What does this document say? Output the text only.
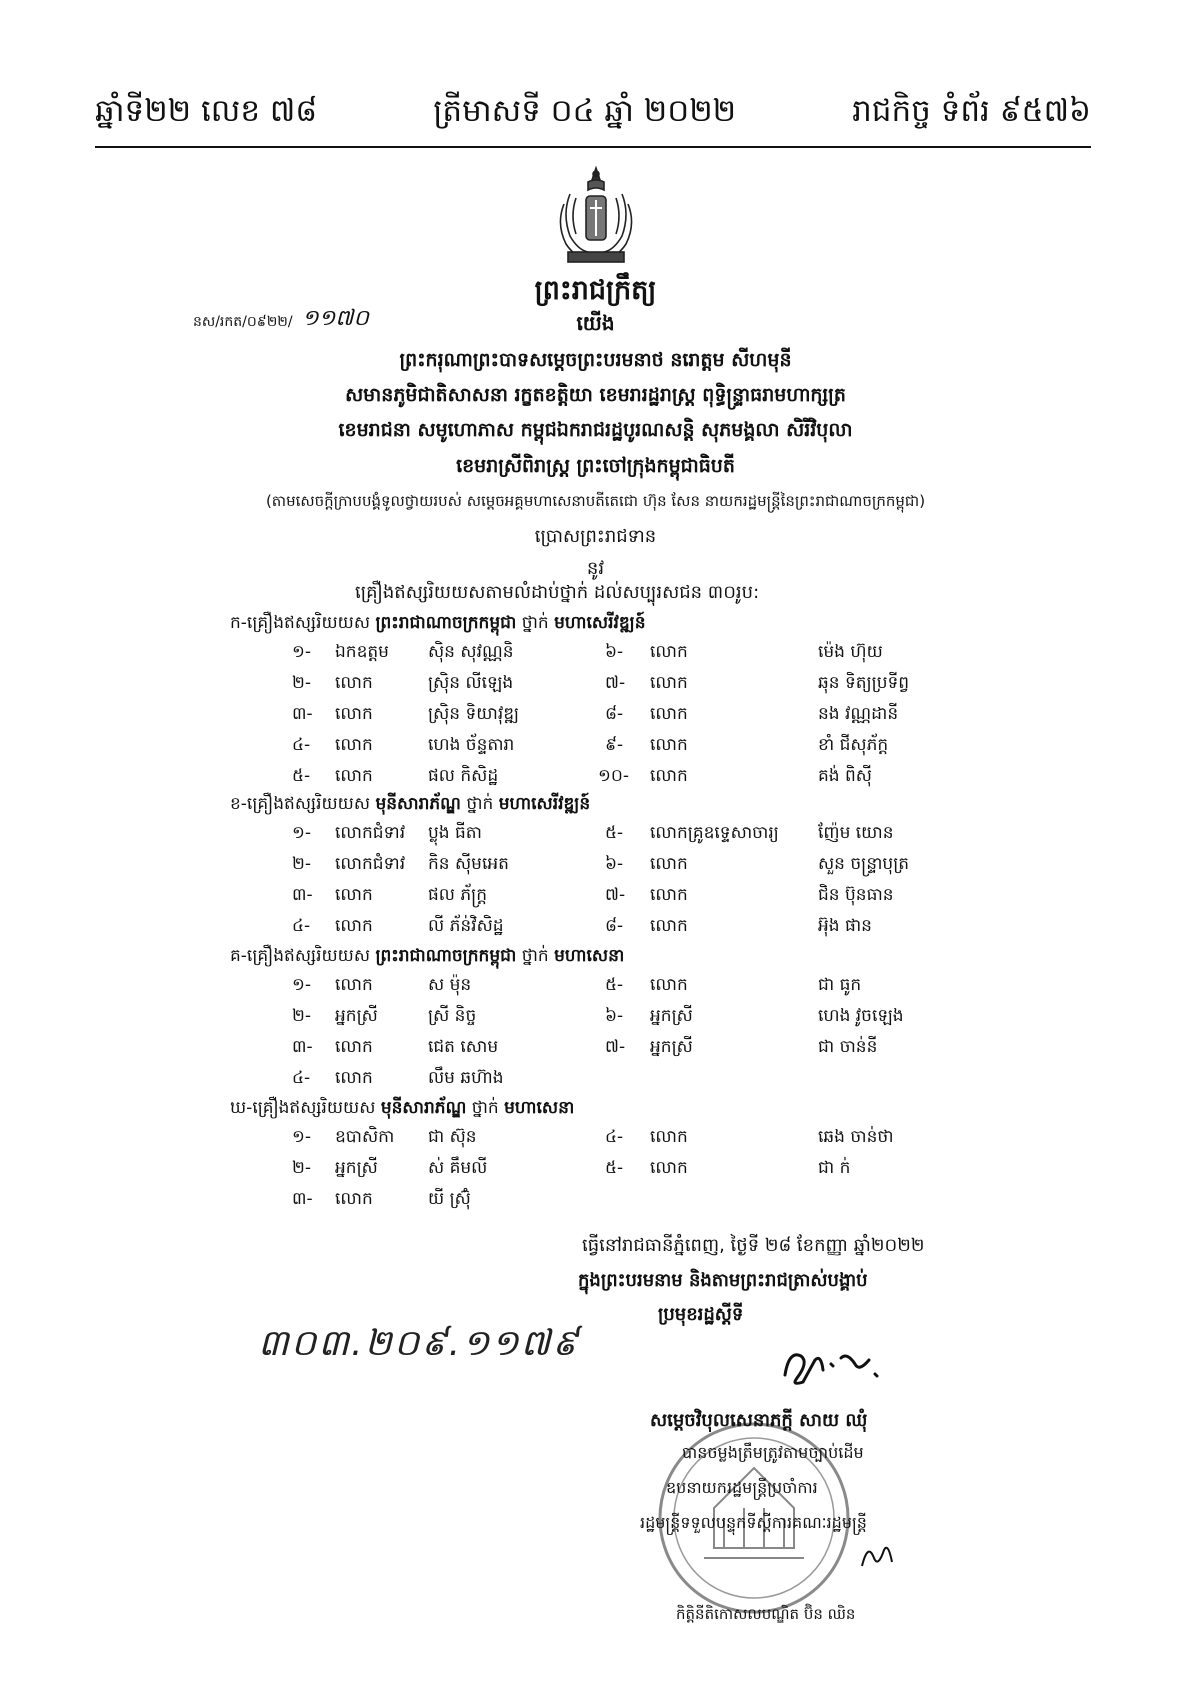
ឆ្នាំទី២២ លេខ ៧៨	ត្រីមាសទី ០៤ ឆ្នាំ ២០២២	រាជកិច្ច ទំព័រ ៩៥៧៦
ព្រះរាជក្រឹត្យ
នស/រកត/០៩២២/ ១១៧០	យើង
ព្រះករុណាព្រះបាទសម្តេចព្រះបរមនាថ នរោត្តម សីហមុនី
សមានភូមិជាតិសាសនា រក្ខតខត្តិយា ខេមរារដ្ឋរាស្ត្រ ពុទ្ធិន្ទ្រាធរាមហាក្សត្រ
ខេមរាជនា សមូហោភាស កម្ពុជឯករាជរដ្ឋបូរណសន្តិ សុភមង្គលា សិរីវិបុលា
ខេមរាស្រីពិរាស្ត្រ ព្រះចៅក្រុងកម្ពុជាធិបតី
(តាមសេចក្តីក្រាបបង្គំទូលថ្វាយរបស់ សម្តេចអគ្គមហាសេនាបតីតេជោ ហ៊ុន សែន នាយករដ្ឋមន្ត្រីនៃព្រះរាជាណាចក្រកម្ពុជា)
ប្រោសព្រះរាជទាន
នូវ
គ្រឿងឥស្សរិយយសតាមលំដាប់ថ្នាក់ ដល់សប្បុរសជន ៣០រូប:
ក-គ្រឿងឥស្សរិយយស ព្រះរាជាណាចក្រកម្ពុជា ថ្នាក់ មហាសេរីវឌ្ឍន៍
១- ឯកឧត្តម ស៊ិន សុវណ្ណនិ	៦- លោក	ម៉េង ហ៊ុយ
២- លោក	ស្រ៊ិន លីឡេង	៧- លោក	ឆុន ទិត្យប្រទីព្វ
៣- លោក	ស្រ៊ិន ទិយាវុឌ្ឍ	៨- លោក	នង វណ្ណដានី
៤- លោក	ហេង ច័ន្ទតារា	៩- លោក	ខាំ ជីសុភ័ក្ត
៥- លោក	ផល កិសិដ្ឋ	១០- លោក	គង់ ពិស៊ី
ខ-គ្រឿងឥស្សរិយយស មុនីសារាភ័ណ្ឌ ថ្នាក់ មហាសេរីវឌ្ឍន៍
១- លោកជំទាវ ប្លុង ធីតា	៥- លោកគ្រូឧទ្ទេសាចារ្យ ញ៉ែម យោន
២- លោកជំទាវ កិន ស៊ីមអេត	៦- លោក	សួន ចន្ទ្រាបុត្រ
៣- លោក	ផល ភ័ក្រ្ត	៧- លោក	ជិន ប៊ុនធាន
៤- លោក	លី ភ័ន់វិសិដ្ឋ	៨- លោក	អ៊ុង ផាន
គ-គ្រឿងឥស្សរិយយស ព្រះរាជាណាចក្រកម្ពុជា ថ្នាក់ មហាសេនា
១- លោក	ស ម៉ុន	៥- លោក	ជា ធូក
២- អ្នកស្រី	ស្រី និច្ច	៦- អ្នកស្រី	ហេង វូចឡេង
៣- លោក	ជេត សោម	៧- អ្នកស្រី	ជា ចាន់នី
៤- លោក	លឹម ឆហ៊ាង
ឃ-គ្រឿងឥស្សរិយយស មុនីសារាភ័ណ្ឌ ថ្នាក់ មហាសេនា
១- ឧបាសិកា ជា ស៊ុន	៤- លោក	ឆេង ចាន់ថា
២- អ្នកស្រី	ស់ គឹមលី	៥- លោក	ជា ក់
៣- លោក	យី ស្រ៊ុំ
ធ្វើនៅរាជធានីភ្នំពេញ, ថ្ងៃទី ២៨ ខែកញ្ញា ឆ្នាំ២០២២
ក្នុងព្រះបរមនាម និងតាមព្រះរាជត្រាស់បង្គាប់
ប្រមុខរដ្ឋស្តីទី
៣០៣.២០៩.១១៧៩
សម្តេចវិបុលសេនាភក្តី សាយ ឈុំ
បានចម្លងត្រឹមត្រូវតាមច្បាប់ដើម
ឧបនាយករដ្ឋមន្ត្រីប្រចាំការ
រដ្ឋមន្ត្រីទទួលបន្ទុកទីស្តីការគណៈរដ្ឋមន្ត្រី
កិត្តិនីតិកោសលបណ្ឌិត ប៊ិន ឈិន
